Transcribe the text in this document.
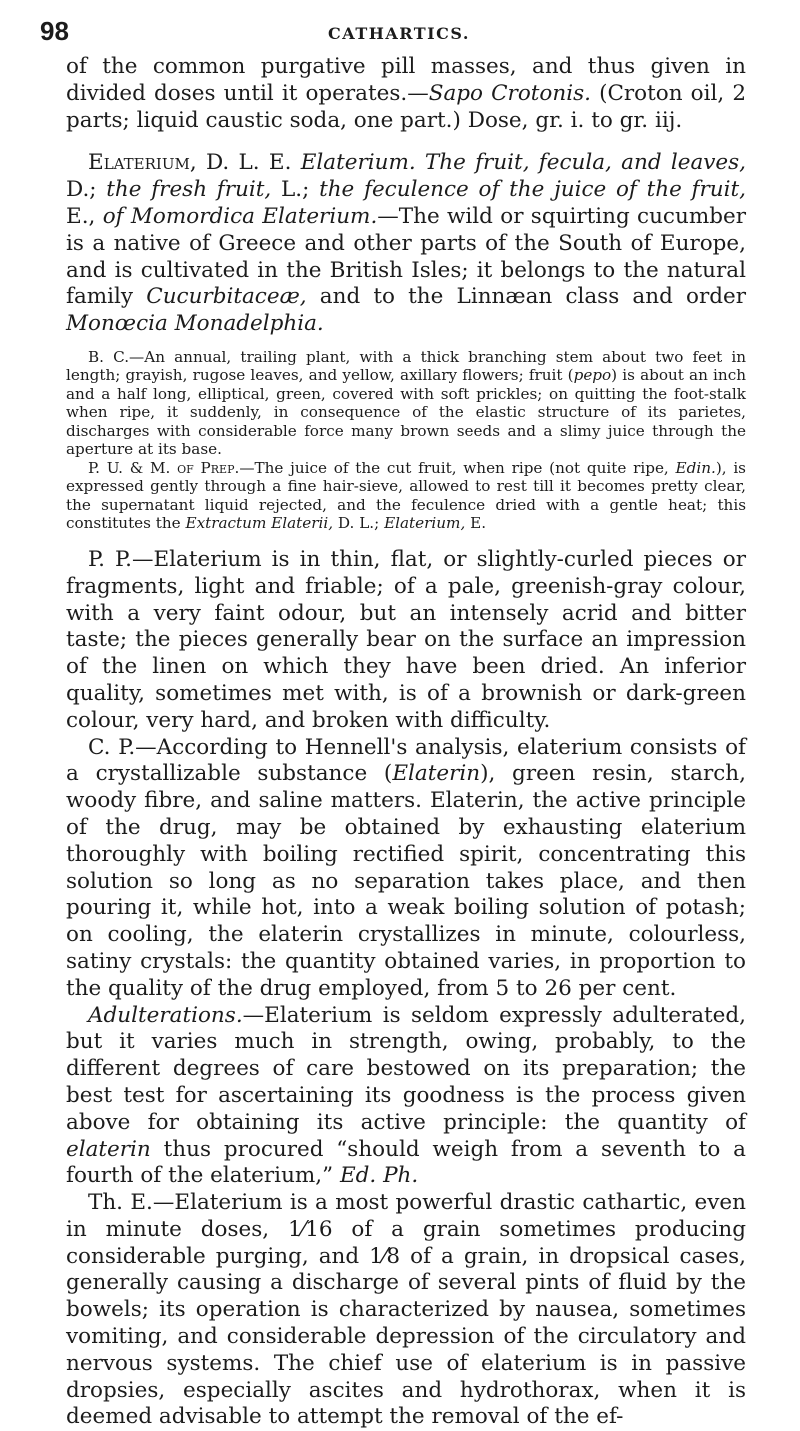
98	CATHARTICS.

of the common purgative pill masses, and thus given in divided doses until it operates.—Sapo Crotonis. (Croton oil, 2 parts; liquid caustic soda, one part.) Dose, gr. i. to gr. iij.

Elaterium, D. L. E. Elaterium. The fruit, fecula, and leaves, D.; the fresh fruit, L.; the feculence of the juice of the fruit, E., of Momordica Elaterium.—The wild or squirting cucumber is a native of Greece and other parts of the South of Europe, and is cultivated in the British Isles; it belongs to the natural family Cucurbitaceæ, and to the Linnæan class and order Monœcia Monadelphia.

B. C.—An annual, trailing plant, with a thick branching stem about two feet in length; grayish, rugose leaves, and yellow, axillary flowers; fruit (pepo) is about an inch and a half long, elliptical, green, covered with soft prickles; on quitting the foot-stalk when ripe, it suddenly, in consequence of the elastic structure of its parietes, discharges with considerable force many brown seeds and a slimy juice through the aperture at its base.

P. U. & M. of Prep.—The juice of the cut fruit, when ripe (not quite ripe, Edin.), is expressed gently through a fine hair-sieve, allowed to rest till it becomes pretty clear, the supernatant liquid rejected, and the feculence dried with a gentle heat; this constitutes the Extractum Elaterii, D. L.; Elaterium, E.

P. P.—Elaterium is in thin, flat, or slightly-curled pieces or fragments, light and friable; of a pale, greenish-gray colour, with a very faint odour, but an intensely acrid and bitter taste; the pieces generally bear on the surface an impression of the linen on which they have been dried. An inferior quality, sometimes met with, is of a brownish or dark-green colour, very hard, and broken with difficulty.

C. P.—According to Hennell's analysis, elaterium consists of a crystallizable substance (Elaterin), green resin, starch, woody fibre, and saline matters. Elaterin, the active principle of the drug, may be obtained by exhausting elaterium thoroughly with boiling rectified spirit, concentrating this solution so long as no separation takes place, and then pouring it, while hot, into a weak boiling solution of potash; on cooling, the elaterin crystallizes in minute, colourless, satiny crystals: the quantity obtained varies, in proportion to the quality of the drug employed, from 5 to 26 per cent.

Adulterations.—Elaterium is seldom expressly adulterated, but it varies much in strength, owing, probably, to the different degrees of care bestowed on its preparation; the best test for ascertaining its goodness is the process given above for obtaining its active principle: the quantity of elaterin thus procured “should weigh from a seventh to a fourth of the elaterium,” Ed. Ph.

Th. E.—Elaterium is a most powerful drastic cathartic, even in minute doses, 1⁄16 of a grain sometimes producing considerable purging, and 1⁄8 of a grain, in dropsical cases, generally causing a discharge of several pints of fluid by the bowels; its operation is characterized by nausea, sometimes vomiting, and considerable depression of the circulatory and nervous systems. The chief use of elaterium is in passive dropsies, especially ascites and hydrothorax, when it is deemed advisable to attempt the removal of the ef-
